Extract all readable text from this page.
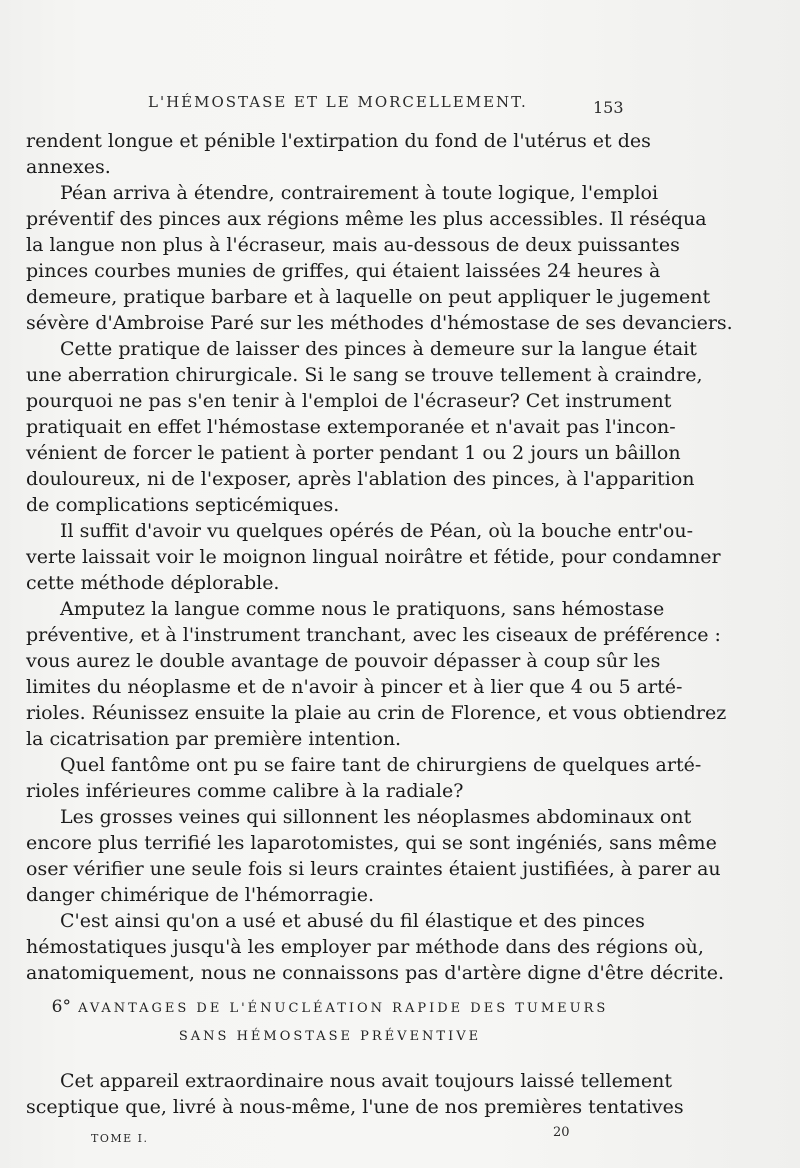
L'HÉMOSTASE ET LE MORCELLEMENT.	153
rendent longue et pénible l'extirpation du fond de l'utérus et des
annexes.
Péan arriva à étendre, contrairement à toute logique, l'emploi
préventif des pinces aux régions même les plus accessibles. Il réséqua
la langue non plus à l'écraseur, mais au-dessous de deux puissantes
pinces courbes munies de griffes, qui étaient laissées 24 heures à
demeure, pratique barbare et à laquelle on peut appliquer le jugement
sévère d'Ambroise Paré sur les méthodes d'hémostase de ses devanciers.
Cette pratique de laisser des pinces à demeure sur la langue était
une aberration chirurgicale. Si le sang se trouve tellement à craindre,
pourquoi ne pas s'en tenir à l'emploi de l'écraseur? Cet instrument
pratiquait en effet l'hémostase extemporanée et n'avait pas l'incon-
vénient de forcer le patient à porter pendant 1 ou 2 jours un bâillon
douloureux, ni de l'exposer, après l'ablation des pinces, à l'apparition
de complications septicémiques.
Il suffit d'avoir vu quelques opérés de Péan, où la bouche entr'ou-
verte laissait voir le moignon lingual noirâtre et fétide, pour condamner
cette méthode déplorable.
Amputez la langue comme nous le pratiquons, sans hémostase
préventive, et à l'instrument tranchant, avec les ciseaux de préférence :
vous aurez le double avantage de pouvoir dépasser à coup sûr les
limites du néoplasme et de n'avoir à pincer et à lier que 4 ou 5 arté-
rioles. Réunissez ensuite la plaie au crin de Florence, et vous obtiendrez
la cicatrisation par première intention.
Quel fantôme ont pu se faire tant de chirurgiens de quelques arté-
rioles inférieures comme calibre à la radiale?
Les grosses veines qui sillonnent les néoplasmes abdominaux ont
encore plus terrifié les laparotomistes, qui se sont ingéniés, sans même
oser vérifier une seule fois si leurs craintes étaient justifiées, à parer au
danger chimérique de l'hémorragie.
C'est ainsi qu'on a usé et abusé du fil élastique et des pinces
hémostatiques jusqu'à les employer par méthode dans des régions où,
anatomiquement, nous ne connaissons pas d'artère digne d'être décrite.
6° AVANTAGES DE L'ÉNUCLÉATION RAPIDE DES TUMEURS
SANS HÉMOSTASE PRÉVENTIVE
Cet appareil extraordinaire nous avait toujours laissé tellement
sceptique que, livré à nous-même, l'une de nos premières tentatives
TOME I.	20
